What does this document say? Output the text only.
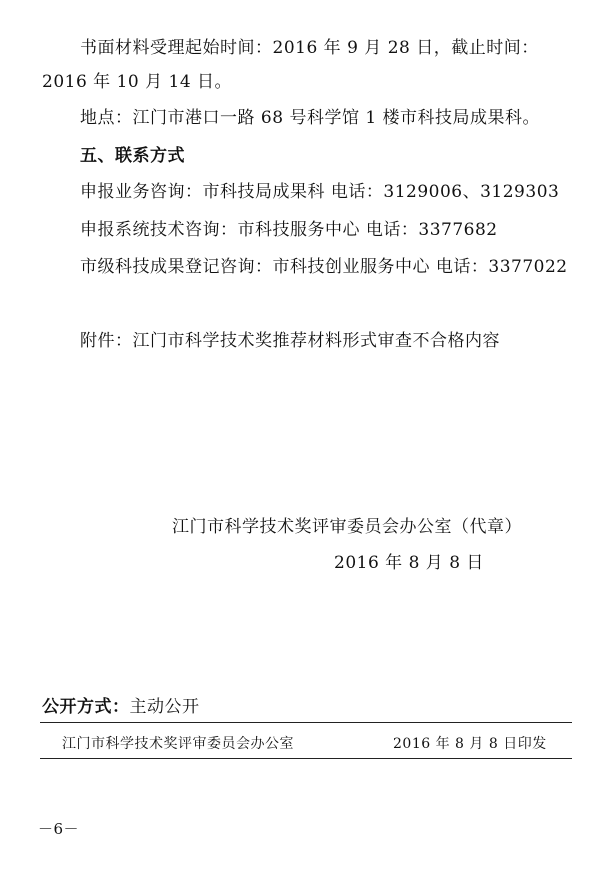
书面材料受理起始时间：2016 年 9 月 28 日，截止时间：
2016 年 10 月 14 日。
地点：江门市港口一路 68 号科学馆 1 楼市科技局成果科。
五、联系方式
申报业务咨询：市科技局成果科 电话：3129006、3129303
申报系统技术咨询：市科技服务中心 电话：3377682
市级科技成果登记咨询：市科技创业服务中心 电话：3377022
附件：江门市科学技术奖推荐材料形式审查不合格内容
江门市科学技术奖评审委员会办公室（代章）
2016 年 8 月 8 日
公开方式：主动公开
江门市科学技术奖评审委员会办公室	2016 年 8 月 8 日印发
－6－
